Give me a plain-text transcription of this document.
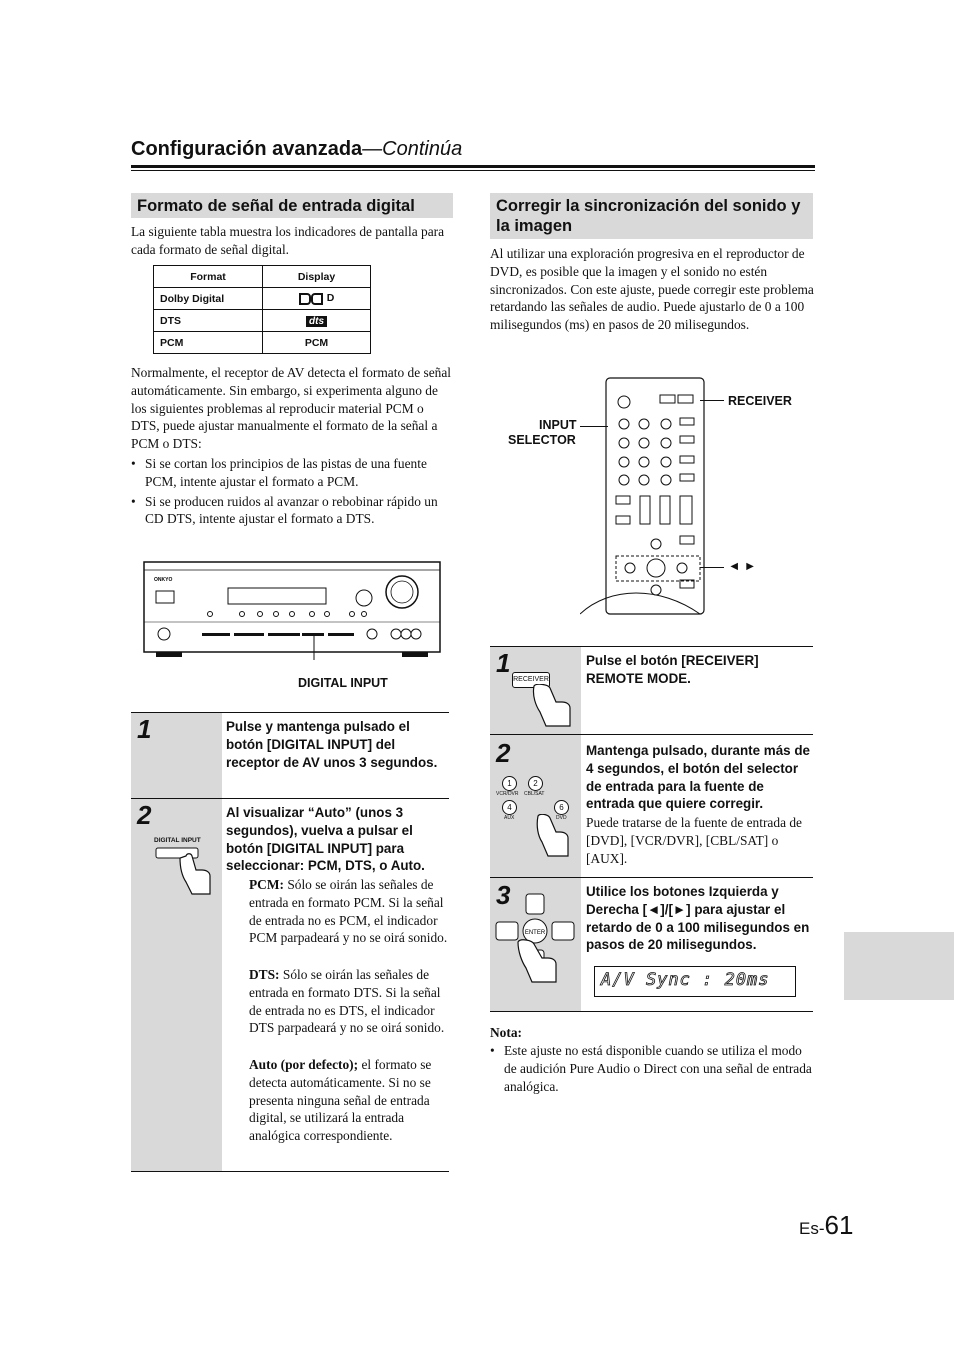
Configuración avanzada—Continúa
Formato de señal de entrada digital
La siguiente tabla muestra los indicadores de pantalla para cada formato de señal digital.
Format	Display
Dolby Digital	D
DTS	dts
PCM	PCM
Normalmente, el receptor de AV detecta el formato de señal automáticamente. Sin embargo, si experimenta alguno de los siguientes problemas al reproducir material PCM o DTS, puede ajustar manualmente el formato de la señal a PCM o DTS:
• Si se cortan los principios de las pistas de una fuente PCM, intente ajustar el formato a PCM.
• Si se producen ruidos al avanzar o rebobinar rápido un CD DTS, intente ajustar el formato a DTS.
ONKYO
DIGITAL INPUT
1	Pulse y mantenga pulsado el botón [DIGITAL INPUT] del receptor de AV unos 3 segundos.
2
DIGITAL INPUT
Al visualizar “Auto” (unos 3 segundos), vuelva a pulsar el botón [DIGITAL INPUT] para seleccionar: PCM, DTS, o Auto.
PCM: Sólo se oirán las señales de entrada en formato PCM. Si la señal de entrada no es PCM, el indicador PCM parpadeará y no se oirá sonido.
DTS: Sólo se oirán las señales de entrada en formato DTS. Si la señal de entrada no es DTS, el indicador DTS parpadeará y no se oirá sonido.
Auto (por defecto); el formato se detecta automáticamente. Si no se presenta ninguna señal de entrada digital, se utilizará la entrada analógica correspondiente.
Corregir la sincronización del sonido y la imagen
Al utilizar una exploración progresiva en el reproductor de DVD, es posible que la imagen y el sonido no estén sincronizados. Con este ajuste, puede corregir este problema retardando las señales de audio. Puede ajustarlo de 0 a 100 milisegundos (ms) en pasos de 20 milisegundos.
RECEIVER
INPUT
SELECTOR
◄ ►
1
RECEIVER
Pulse el botón [RECEIVER] REMOTE MODE.
2
1
VCR/DVR
2
CBL/SAT
4
AUX
6
DVD
Mantenga pulsado, durante más de 4 segundos, el botón del selector de entrada para la fuente de entrada que quiere corregir.
Puede tratarse de la fuente de entrada de [DVD], [VCR/DVR], [CBL/SAT] o [AUX].
3
ENTER
Utilice los botones Izquierda y Derecha [◄]/[►] para ajustar el retardo de 0 a 100 milisegundos en pasos de 20 milisegundos.
A/V Sync : 20ms
Nota:
• Este ajuste no está disponible cuando se utiliza el modo de audición Pure Audio o Direct con una señal de entrada analógica.
Es-61
